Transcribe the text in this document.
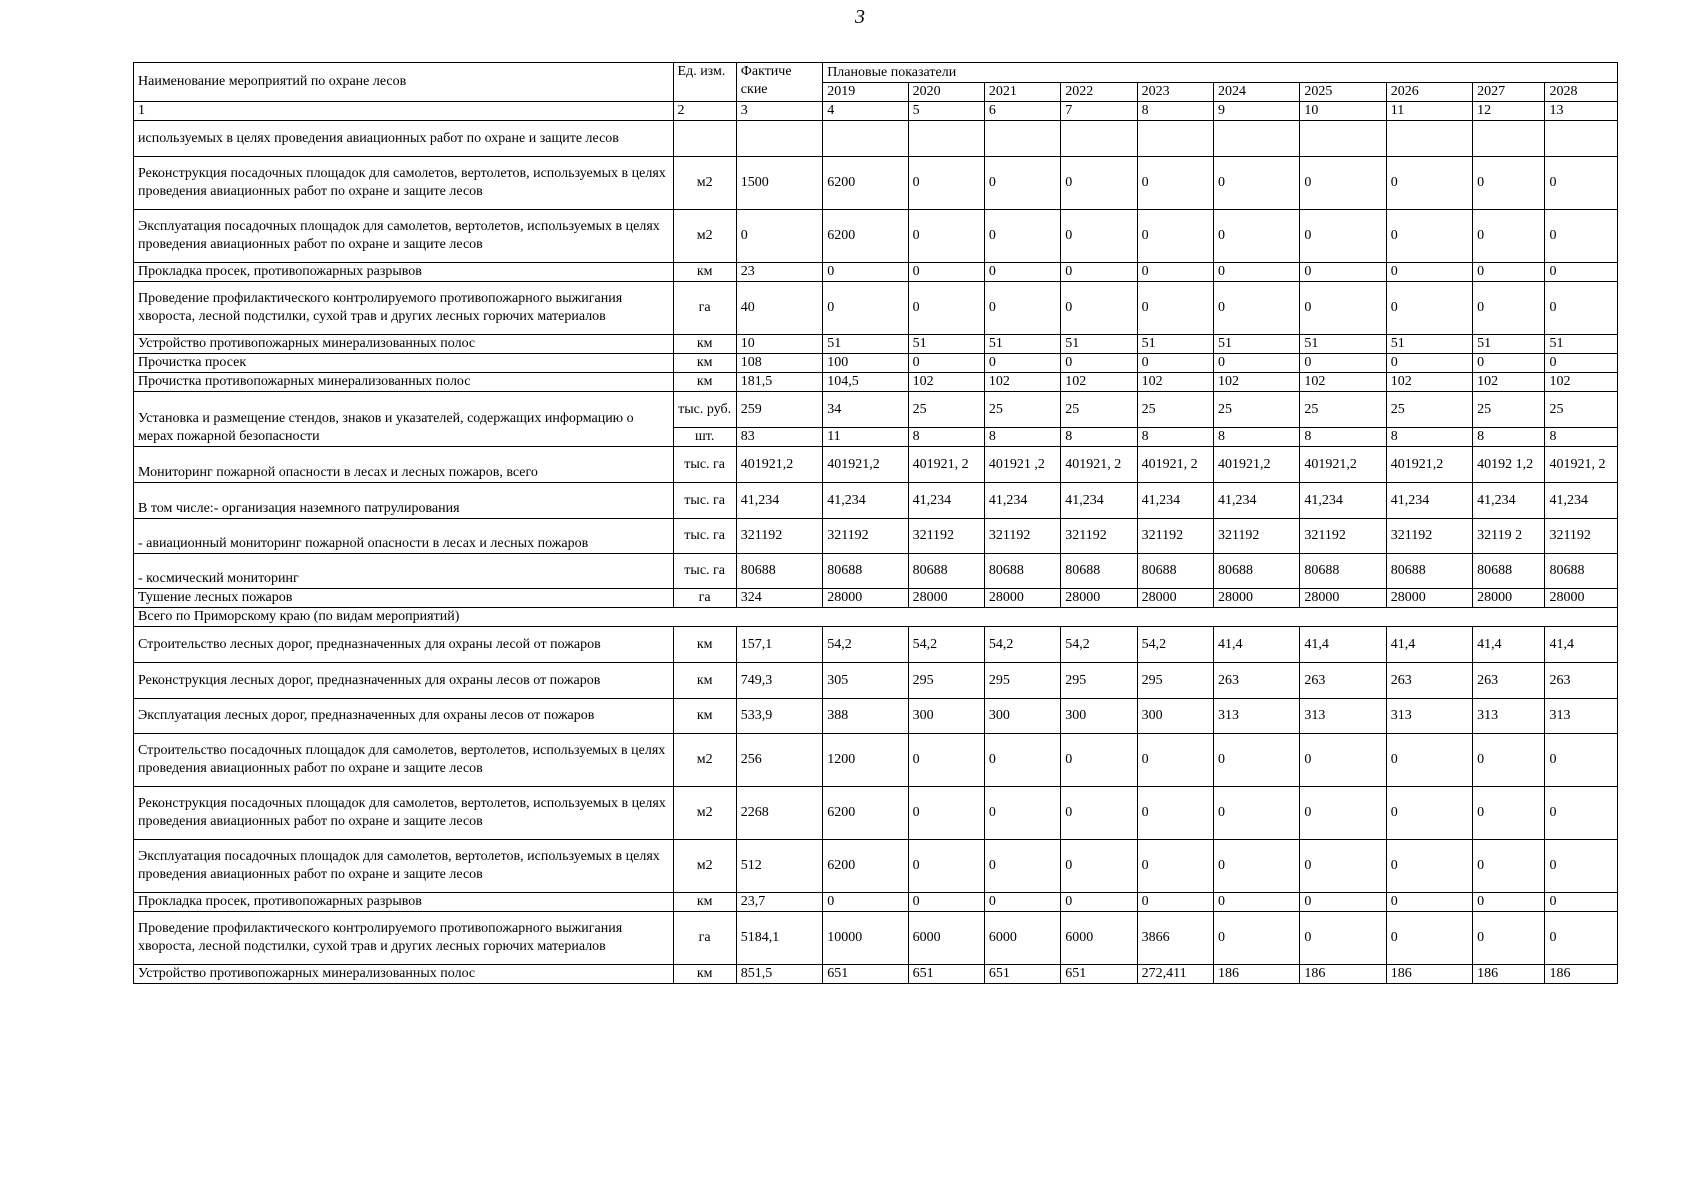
3
Наименование мероприятий по охране лесов	Ед. изм.	Фактиче ские	Плановые показатели									
			2019	2020	2021	2022	2023	2024	2025	2026	2027	2028
1	2	3	4	5	6	7	8	9	10	11	12	13
используемых в целях проведения авиационных работ по охране и защите лесов												
Реконструкция посадочных площадок для самолетов, вертолетов, используемых в целях проведения авиационных работ по охране и защите лесов	м2	1500	6200	0	0	0	0	0	0	0	0	0
Эксплуатация посадочных площадок для самолетов, вертолетов, используемых в целях проведения авиационных работ по охране и защите лесов	м2	0	6200	0	0	0	0	0	0	0	0	0
Прокладка просек, противопожарных разрывов	км	23	0	0	0	0	0	0	0	0	0	0
Проведение профилактического контролируемого противопожарного выжигания хвороста, лесной подстилки, сухой трав и других лесных горючих материалов	га	40	0	0	0	0	0	0	0	0	0	0
Устройство противопожарных минерализованных полос	км	10	51	51	51	51	51	51	51	51	51	51
Прочистка просек	км	108	100	0	0	0	0	0	0	0	0	0
Прочистка противопожарных минерализованных полос	км	181,5	104,5	102	102	102	102	102	102	102	102	102
Установка и размещение стендов, знаков и указателей, содержащих информацию о мерах пожарной безопасности	тыс. руб.	259	34	25	25	25	25	25	25	25	25	25
	шт.	83	11	8	8	8	8	8	8	8	8	8
Мониторинг пожарной опасности в лесах и лесных пожаров, всего	тыс. га	401921,2	401921,2	401921, 2	401921 ,2	401921, 2	401921, 2	401921,2	401921,2	401921,2	40192 1,2	401921, 2
В том числе:- организация наземного патрулирования	тыс. га	41,234	41,234	41,234	41,234	41,234	41,234	41,234	41,234	41,234	41,234	41,234
- авиационный мониторинг пожарной опасности в лесах и лесных пожаров	тыс. га	321192	321192	321192	321192	321192	321192	321192	321192	321192	32119 2	321192
- космический мониторинг	тыс. га	80688	80688	80688	80688	80688	80688	80688	80688	80688	80688	80688
Тушение лесных пожаров	га	324	28000	28000	28000	28000	28000	28000	28000	28000	28000	28000
Всего по Приморскому краю (по видам мероприятий)												
Строительство лесных дорог, предназначенных для охраны лесой от пожаров	км	157,1	54,2	54,2	54,2	54,2	54,2	41,4	41,4	41,4	41,4	41,4
Реконструкция лесных дорог, предназначенных для охраны лесов от пожаров	км	749,3	305	295	295	295	295	263	263	263	263	263
Эксплуатация лесных дорог, предназначенных для охраны лесов от пожаров	км	533,9	388	300	300	300	300	313	313	313	313	313
Строительство посадочных площадок для самолетов, вертолетов, используемых в целях проведения авиационных работ по охране и защите лесов	м2	256	1200	0	0	0	0	0	0	0	0	0
Реконструкция посадочных площадок для самолетов, вертолетов, используемых в целях проведения авиационных работ по охране и защите лесов	м2	2268	6200	0	0	0	0	0	0	0	0	0
Эксплуатация посадочных площадок для самолетов, вертолетов, используемых в целях проведения авиационных работ по охране и защите лесов	м2	512	6200	0	0	0	0	0	0	0	0	0
Прокладка просек, противопожарных разрывов	км	23,7	0	0	0	0	0	0	0	0	0	0
Проведение профилактического контролируемого противопожарного выжигания хвороста, лесной подстилки, сухой трав и других лесных горючих материалов	га	5184,1	10000	6000	6000	6000	3866	0	0	0	0	0
Устройство противопожарных минерализованных полос	км	851,5	651	651	651	651	272,411	186	186	186	186	186
